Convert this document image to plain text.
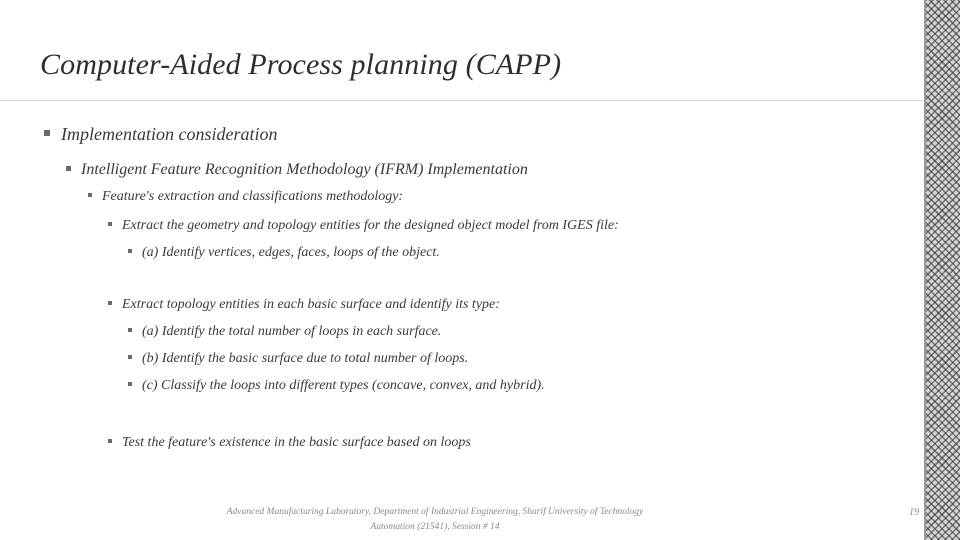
Computer-Aided Process planning (CAPP)
Implementation consideration
Intelligent Feature Recognition Methodology (IFRM) Implementation
Feature's extraction and classifications methodology:
Extract the geometry and topology entities for the designed object model from IGES file:
(a) Identify vertices, edges, faces, loops of the object.
Extract topology entities in each basic surface and identify its type:
(a) Identify the total number of loops in each surface.
(b) Identify the basic surface due to total number of loops.
(c) Classify the loops into different types (concave, convex, and hybrid).
Test the feature's existence in the basic surface based on loops
Advanced Manufacturing Laboratory, Department of Industrial Engineering, Sharif University of Technology
Automation (21541), Session # 14
19
